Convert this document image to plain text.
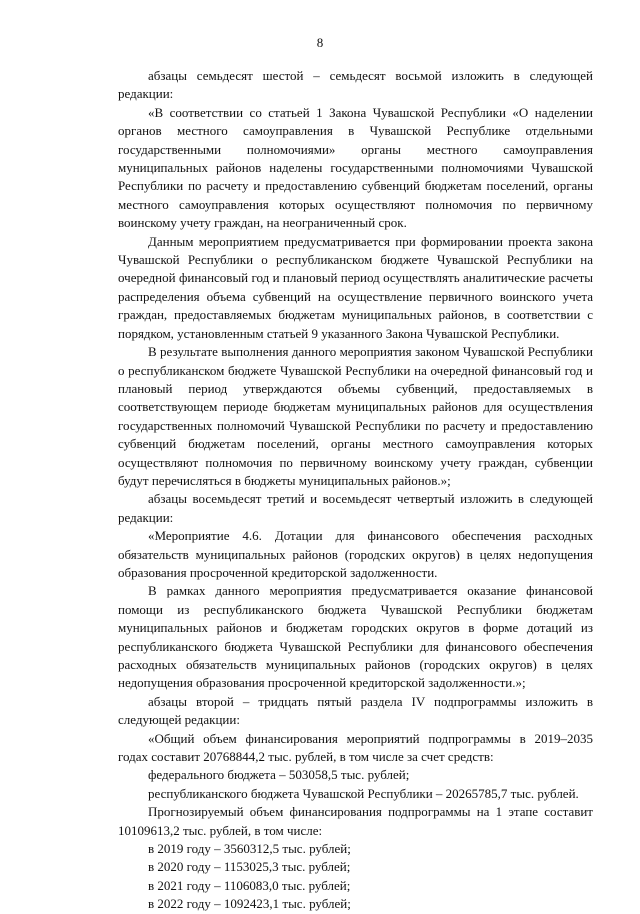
8

абзацы семьдесят шестой – семьдесят восьмой изложить в следующей редакции:

«В соответствии со статьей 1 Закона Чувашской Республики «О наделении органов местного самоуправления в Чувашской Республике отдельными государственными полномочиями» органы местного самоуправления муниципальных районов наделены государственными полномочиями Чувашской Республики по расчету и предоставлению субвенций бюджетам поселений, органы местного самоуправления которых осуществляют полномочия по первичному воинскому учету граждан, на неограниченный срок.

Данным мероприятием предусматривается при формировании проекта закона Чувашской Республики о республиканском бюджете Чувашской Республики на очередной финансовый год и плановый период осуществлять аналитические расчеты распределения объема субвенций на осуществление первичного воинского учета граждан, предоставляемых бюджетам муниципальных районов, в соответствии с порядком, установленным статьей 9 указанного Закона Чувашской Республики.

В результате выполнения данного мероприятия законом Чувашской Республики о республиканском бюджете Чувашской Республики на очередной финансовый год и плановый период утверждаются объемы субвенций, предоставляемых в соответствующем периоде бюджетам муниципальных районов для осуществления государственных полномочий Чувашской Республики по расчету и предоставлению субвенций бюджетам поселений, органы местного самоуправления которых осуществляют полномочия по первичному воинскому учету граждан, субвенции будут перечисляться в бюджеты муниципальных районов.»;

абзацы восемьдесят третий и восемьдесят четвертый изложить в следующей редакции:

«Мероприятие 4.6. Дотации для финансового обеспечения расходных обязательств муниципальных районов (городских округов) в целях недопущения образования просроченной кредиторской задолженности.

В рамках данного мероприятия предусматривается оказание финансовой помощи из республиканского бюджета Чувашской Республики бюджетам муниципальных районов и бюджетам городских округов в форме дотаций из республиканского бюджета Чувашской Республики для финансового обеспечения расходных обязательств муниципальных районов (городских округов) в целях недопущения образования просроченной кредиторской задолженности.»;

абзацы второй – тридцать пятый раздела IV подпрограммы изложить в следующей редакции:

«Общий объем финансирования мероприятий подпрограммы в 2019–2035 годах составит 20768844,2 тыс. рублей, в том числе за счет средств:

федерального бюджета – 503058,5 тыс. рублей;

республиканского бюджета Чувашской Республики – 20265785,7 тыс. рублей.

Прогнозируемый объем финансирования подпрограммы на 1 этапе составит 10109613,2 тыс. рублей, в том числе:

в 2019 году – 3560312,5 тыс. рублей;

в 2020 году – 1153025,3 тыс. рублей;

в 2021 году – 1106083,0 тыс. рублей;

в 2022 году – 1092423,1 тыс. рублей;
